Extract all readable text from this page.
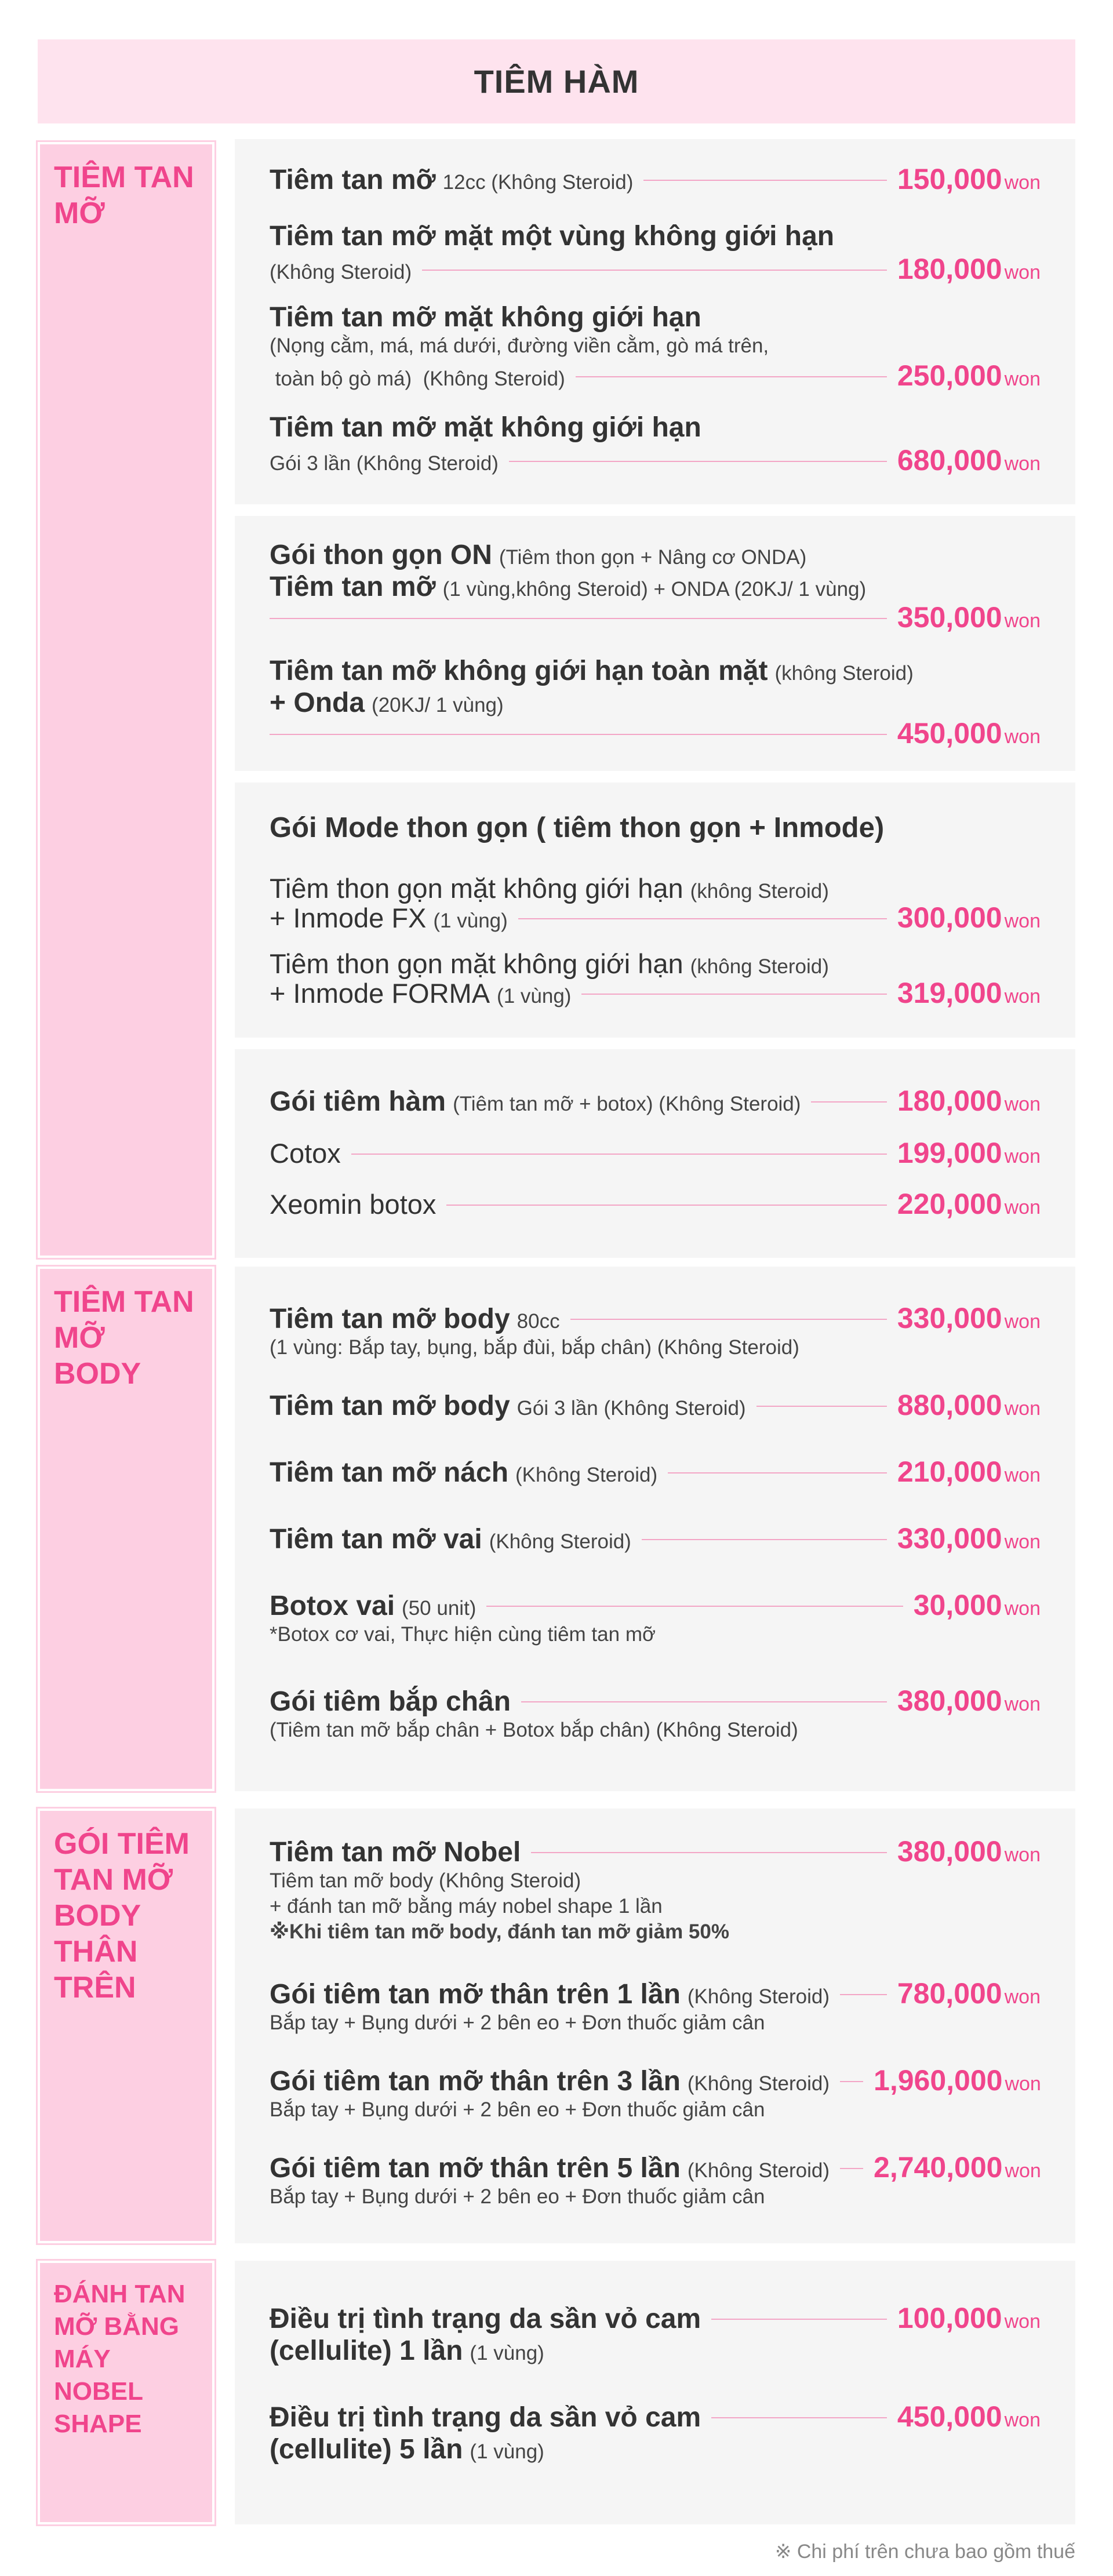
TIÊM HÀM
TIÊM TAN
MỠ
TIÊM TAN
MỠ BODY
GÓI TIÊM
TAN MỠ
BODY
THÂN
TRÊN
ĐÁNH TAN
MỠ BẰNG
MÁY
NOBEL
SHAPE
Tiêm tan mỡ 12cc (Không Steroid)	150,000 won
Tiêm tan mỡ mặt một vùng không giới hạn
(Không Steroid)	180,000 won
Tiêm tan mỡ mặt không giới hạn
(Nọng cằm, má, má dưới, đường viền cằm, gò má trên,
toàn bộ gò má)  (Không Steroid)	250,000 won
Tiêm tan mỡ mặt không giới hạn
Gói 3 lần (Không Steroid)	680,000 won
Gói thon gọn ON (Tiêm thon gọn + Nâng cơ ONDA)
Tiêm tan mỡ (1 vùng,không Steroid) + ONDA (20KJ/ 1 vùng)
350,000 won
Tiêm tan mỡ không giới hạn toàn mặt (không Steroid)
+ Onda (20KJ/ 1 vùng)
450,000 won
Gói Mode thon gọn ( tiêm thon gọn + Inmode)
Tiêm thon gọn mặt không giới hạn (không Steroid)
+ Inmode FX (1 vùng)	300,000 won
Tiêm thon gọn mặt không giới hạn (không Steroid)
+ Inmode FORMA (1 vùng)	319,000 won
Gói tiêm hàm (Tiêm tan mỡ + botox) (Không Steroid)	180,000 won
Cotox	199,000 won
Xeomin botox	220,000 won
Tiêm tan mỡ body 80cc	330,000 won
(1 vùng: Bắp tay, bụng, bắp đùi, bắp chân) (Không Steroid)
Tiêm tan mỡ body Gói 3 lần (Không Steroid)	880,000 won
Tiêm tan mỡ nách (Không Steroid)	210,000 won
Tiêm tan mỡ vai (Không Steroid)	330,000 won
Botox vai (50 unit)	30,000 won
*Botox cơ vai, Thực hiện cùng tiêm tan mỡ
Gói tiêm bắp chân	380,000 won
(Tiêm tan mỡ bắp chân + Botox bắp chân) (Không Steroid)
Tiêm tan mỡ Nobel	380,000 won
Tiêm tan mỡ body (Không Steroid)
+ đánh tan mỡ bằng máy nobel shape 1 lần
※Khi tiêm tan mỡ body, đánh tan mỡ giảm 50%
Gói tiêm tan mỡ thân trên 1 lần (Không Steroid) 780,000 won
Bắp tay + Bụng dưới + 2 bên eo + Đơn thuốc giảm cân
Gói tiêm tan mỡ thân trên 3 lần (Không Steroid) 1,960,000 won
Bắp tay + Bụng dưới + 2 bên eo + Đơn thuốc giảm cân
Gói tiêm tan mỡ thân trên 5 lần (Không Steroid) 2,740,000 won
Bắp tay + Bụng dưới + 2 bên eo + Đơn thuốc giảm cân
Điều trị tình trạng da sần vỏ cam	100,000 won
(cellulite) 1 lần (1 vùng)
Điều trị tình trạng da sần vỏ cam	450,000 won
(cellulite) 5 lần (1 vùng)
※ Chi phí trên chưa bao gồm thuế
